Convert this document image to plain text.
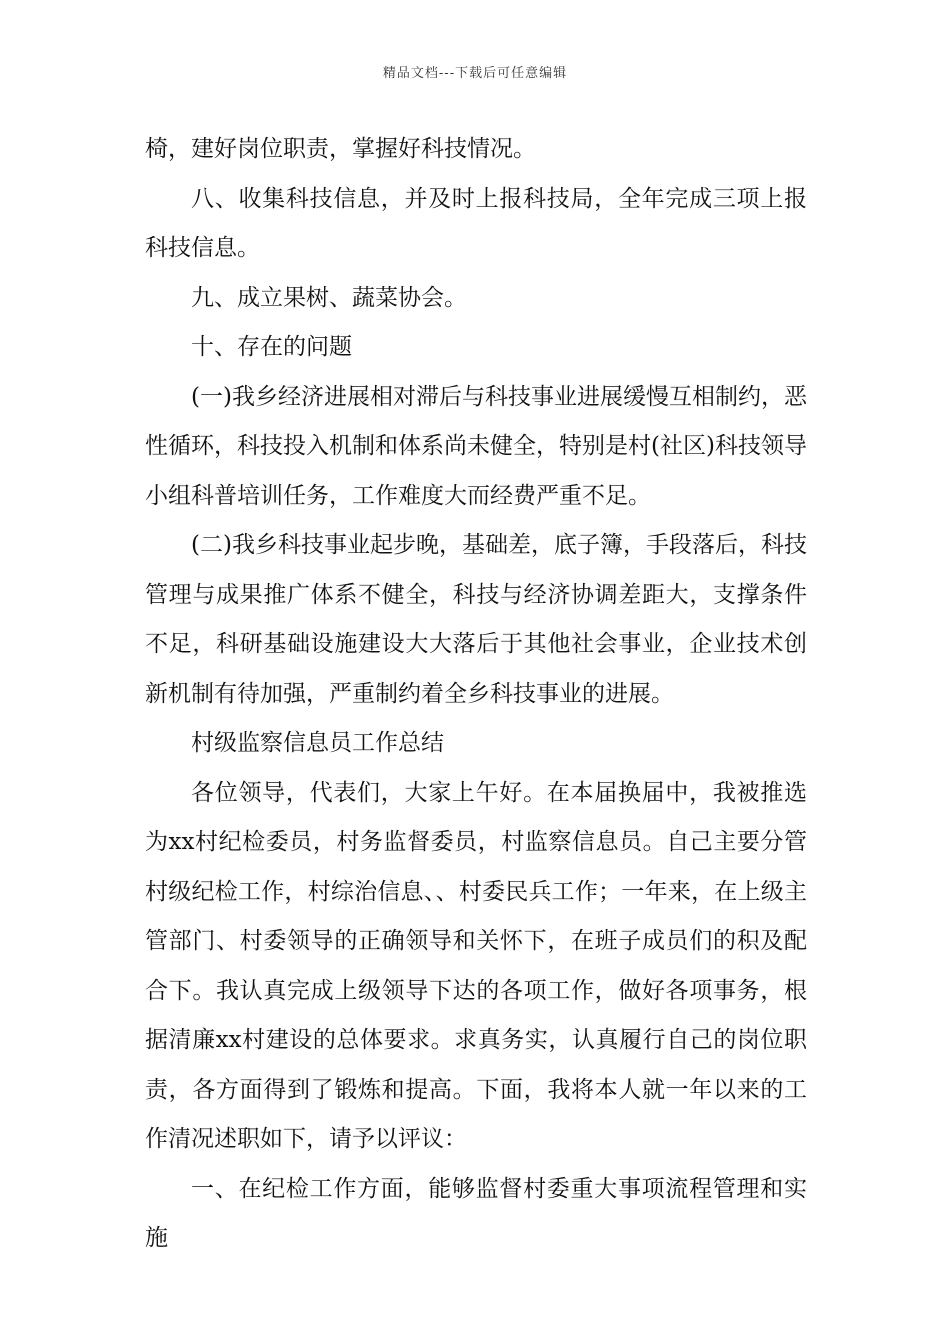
精品文档---下载后可任意编辑

椅，建好岗位职责，掌握好科技情况。

八、收集科技信息，并及时上报科技局，全年完成三项上报科技信息。

九、成立果树、蔬菜协会。

十、存在的问题

(一)我乡经济进展相对滞后与科技事业进展缓慢互相制约，恶性循环，科技投入机制和体系尚未健全，特别是村(社区)科技领导小组科普培训任务，工作难度大而经费严重不足。

(二)我乡科技事业起步晚，基础差，底子簿，手段落后，科技管理与成果推广体系不健全，科技与经济协调差距大，支撑条件不足，科研基础设施建设大大落后于其他社会事业，企业技术创新机制有待加强，严重制约着全乡科技事业的进展。

村级监察信息员工作总结

各位领导，代表们，大家上午好。在本届换届中，我被推选为xx村纪检委员，村务监督委员，村监察信息员。自己主要分管村级纪检工作，村综治信息、、村委民兵工作；一年来，在上级主管部门、村委领导的正确领导和关怀下，在班子成员们的积及配合下。我认真完成上级领导下达的各项工作，做好各项事务，根据清廉xx村建设的总体要求。求真务实，认真履行自己的岗位职责，各方面得到了锻炼和提高。下面，我将本人就一年以来的工作清况述职如下，请予以评议：

一、在纪检工作方面，能够监督村委重大事项流程管理和实施
